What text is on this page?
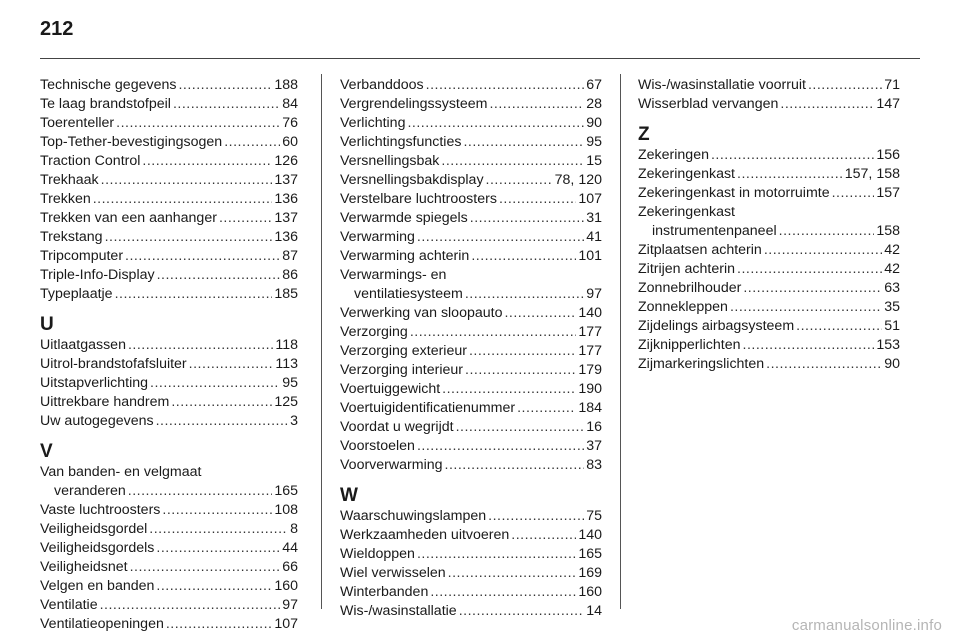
212
Technische gegevens .....	188
Te laag brandstofpeil .....	84
Toerenteller .....	76
Top-Tether-bevestigingsogen .....	60
Traction Control .....	126
Trekhaak .....	137
Trekken .....	136
Trekken van een aanhanger .....	137
Trekstang .....	136
Tripcomputer .....	87
Triple-Info-Display .....	86
Typeplaatje .....	185
U
Uitlaatgassen .....	118
Uitrol-brandstofafsluiter .....	113
Uitstapverlichting .....	95
Uittrekbare handrem .....	125
Uw autogegevens .....	3
V
Van banden- en velgmaat
veranderen .....	165
Vaste luchtroosters .....	108
Veiligheidsgordel .....	8
Veiligheidsgordels .....	44
Veiligheidsnet .....	66
Velgen en banden .....	160
Ventilatie .....	97
Ventilatieopeningen .....	107
Verbanddoos .....	67
Vergrendelingssysteem .....	28
Verlichting .....	90
Verlichtingsfuncties .....	95
Versnellingsbak .....	15
Versnellingsbakdisplay .....	78, 120
Verstelbare luchtroosters .....	107
Verwarmde spiegels .....	31
Verwarming .....	41
Verwarming achterin .....	101
Verwarmings- en
ventilatiesysteem .....	97
Verwerking van sloopauto .....	140
Verzorging .....	177
Verzorging exterieur .....	177
Verzorging interieur .....	179
Voertuiggewicht .....	190
Voertuigidentificatienummer .....	184
Voordat u wegrijdt .....	16
Voorstoelen .....	37
Voorverwarming .....	83
W
Waarschuwingslampen .....	75
Werkzaamheden uitvoeren .....	140
Wieldoppen .....	165
Wiel verwisselen .....	169
Winterbanden .....	160
Wis-/wasinstallatie .....	14
Wis-/wasinstallatie voorruit .....	71
Wisserblad vervangen .....	147
Z
Zekeringen .....	156
Zekeringenkast .....	157, 158
Zekeringenkast in motorruimte .....	157
Zekeringenkast
instrumentenpaneel .....	158
Zitplaatsen achterin .....	42
Zitrijen achterin .....	42
Zonnebrilhouder .....	63
Zonnekleppen .....	35
Zijdelings airbagsysteem .....	51
Zijknipperlichten .....	153
Zijmarkeringslichten .....	90
carmanualsonline.info
